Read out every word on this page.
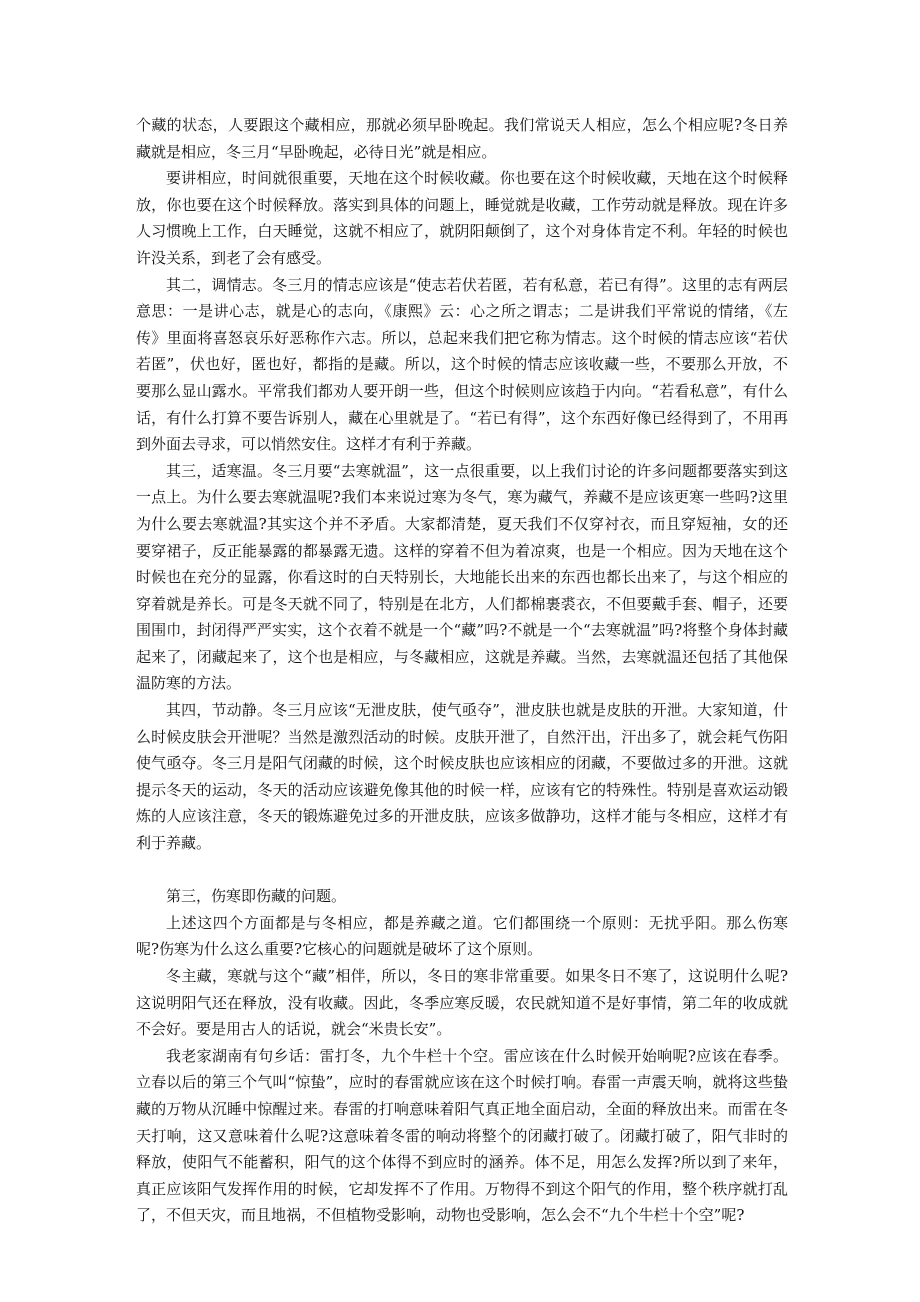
个藏的状态，人要跟这个藏相应，那就必须早卧晚起。我们常说天人相应，怎么个相应呢?冬日养藏就是相应，冬三月“早卧晚起，必待日光”就是相应。

要讲相应，时间就很重要，天地在这个时候收藏。你也要在这个时候收藏，天地在这个时候释放，你也要在这个时候释放。落实到具体的问题上，睡觉就是收藏，工作劳动就是释放。现在许多人习惯晚上工作，白天睡觉，这就不相应了，就阴阳颠倒了，这个对身体肯定不利。年轻的时候也许没关系，到老了会有感受。

其二，调情志。冬三月的情志应该是“使志若伏若匿，若有私意，若已有得”。这里的志有两层意思：一是讲心志，就是心的志向，《康熙》云：心之所之谓志；二是讲我们平常说的情绪，《左传》里面将喜怒哀乐好恶称作六志。所以，总起来我们把它称为情志。这个时候的情志应该“若伏若匿”，伏也好，匿也好，都指的是藏。所以，这个时候的情志应该收藏一些，不要那么开放，不要那么显山露水。平常我们都劝人要开朗一些，但这个时候则应该趋于内向。“若看私意”，有什么话，有什么打算不要告诉别人，藏在心里就是了。“若已有得”，这个东西好像已经得到了，不用再到外面去寻求，可以悄然安住。这样才有利于养藏。

其三，适寒温。冬三月要“去寒就温”，这一点很重要，以上我们讨论的许多问题都要落实到这一点上。为什么要去寒就温呢?我们本来说过寒为冬气，寒为藏气，养藏不是应该更寒一些吗?这里为什么要去寒就温?其实这个并不矛盾。大家都清楚，夏天我们不仅穿衬衣，而且穿短袖，女的还要穿裙子，反正能暴露的都暴露无遗。这样的穿着不但为着凉爽，也是一个相应。因为天地在这个时候也在充分的显露，你看这时的白天特别长，大地能长出来的东西也都长出来了，与这个相应的穿着就是养长。可是冬天就不同了，特别是在北方，人们都棉裹裘衣，不但要戴手套、帽子，还要围围巾，封闭得严严实实，这个衣着不就是一个“藏”吗?不就是一个“去寒就温”吗?将整个身体封藏起来了，闭藏起来了，这个也是相应，与冬藏相应，这就是养藏。当然，去寒就温还包括了其他保温防寒的方法。

其四，节动静。冬三月应该“无泄皮肤，使气亟夺”，泄皮肤也就是皮肤的开泄。大家知道，什么时候皮肤会开泄呢？当然是激烈活动的时候。皮肤开泄了，自然汗出，汗出多了，就会耗气伤阳使气亟夺。冬三月是阳气闭藏的时候，这个时候皮肤也应该相应的闭藏，不要做过多的开泄。这就提示冬天的运动，冬天的活动应该避免像其他的时候一样，应该有它的特殊性。特别是喜欢运动锻炼的人应该注意，冬天的锻炼避免过多的开泄皮肤，应该多做静功，这样才能与冬相应，这样才有利于养藏。

第三，伤寒即伤藏的问题。

上述这四个方面都是与冬相应，都是养藏之道。它们都围绕一个原则：无扰乎阳。那么伤寒呢?伤寒为什么这么重要?它核心的问题就是破坏了这个原则。

冬主藏，寒就与这个“藏”相伴，所以，冬日的寒非常重要。如果冬日不寒了，这说明什么呢?这说明阳气还在释放，没有收藏。因此，冬季应寒反暖，农民就知道不是好事情，第二年的收成就不会好。要是用古人的话说，就会“米贵长安”。

我老家湖南有句乡话：雷打冬，九个牛栏十个空。雷应该在什么时候开始响呢?应该在春季。立春以后的第三个气叫“惊蛰”，应时的春雷就应该在这个时候打响。春雷一声震天响，就将这些蛰藏的万物从沉睡中惊醒过来。春雷的打响意味着阳气真正地全面启动，全面的释放出来。而雷在冬天打响，这又意味着什么呢?这意味着冬雷的响动将整个的闭藏打破了。闭藏打破了，阳气非时的释放，使阳气不能蓄积，阳气的这个体得不到应时的涵养。体不足，用怎么发挥?所以到了来年，真正应该阳气发挥作用的时候，它却发挥不了作用。万物得不到这个阳气的作用，整个秩序就打乱了，不但天灾，而且地祸，不但植物受影响，动物也受影响，怎么会不“九个牛栏十个空”呢?
